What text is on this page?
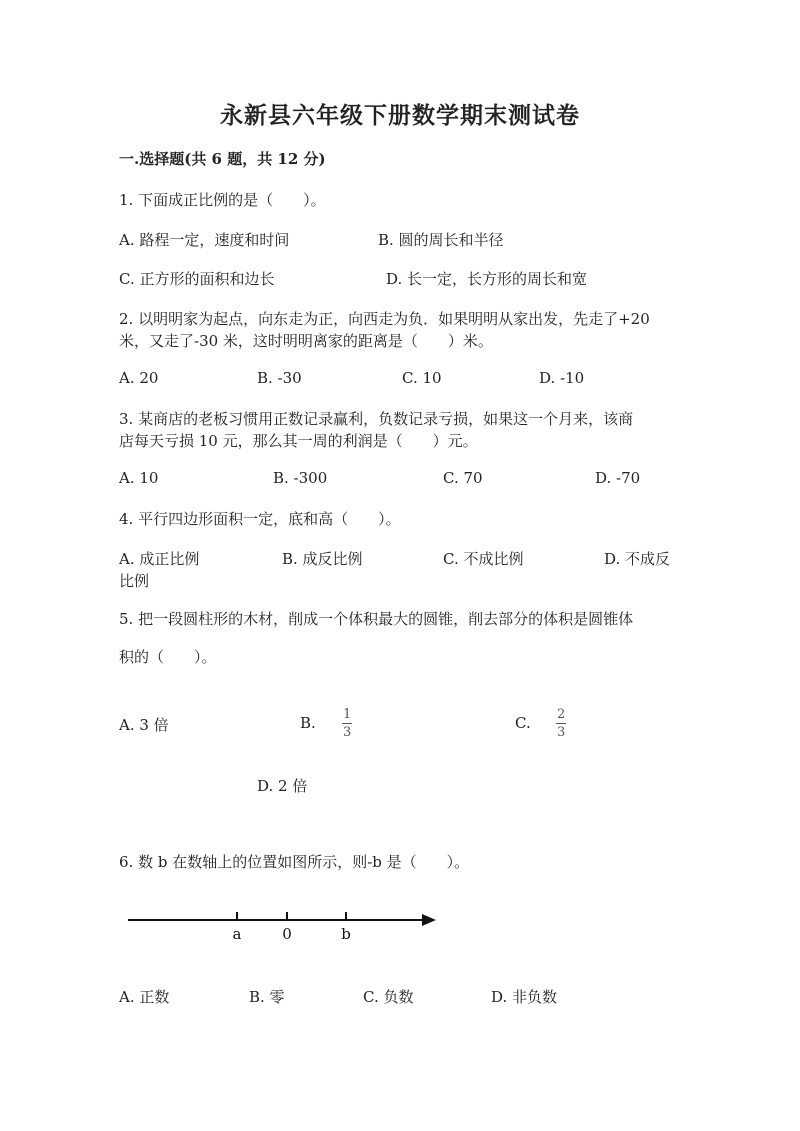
永新县六年级下册数学期末测试卷
一.选择题(共 6 题，共 12 分)
1. 下面成正比例的是（　　）。
A. 路程一定，速度和时间	B. 圆的周长和半径
C. 正方形的面积和边长	D. 长一定，长方形的周长和宽
2. 以明明家为起点，向东走为正，向西走为负．如果明明从家出发，先走了+20
米，又走了-30 米，这时明明离家的距离是（　　）米。
A. 20	B. -30	C. 10	D. -10
3. 某商店的老板习惯用正数记录赢利，负数记录亏损，如果这一个月来，该商
店每天亏损 10 元，那么其一周的利润是（　　）元。
A. 10	B. -300	C. 70	D. -70
4. 平行四边形面积一定，底和高（　　）。
A. 成正比例	B. 成反比例	C. 不成比例	D. 不成反
比例
5. 把一段圆柱形的木材，削成一个体积最大的圆锥，削去部分的体积是圆锥体
积的（　　）。
A. 3 倍	B. 1
3
C. 2
3
D. 2 倍
6. 数 b 在数轴上的位置如图所示，则-b 是（　　）。
a	0	b
A. 正数	B. 零	C. 负数	D. 非负数
